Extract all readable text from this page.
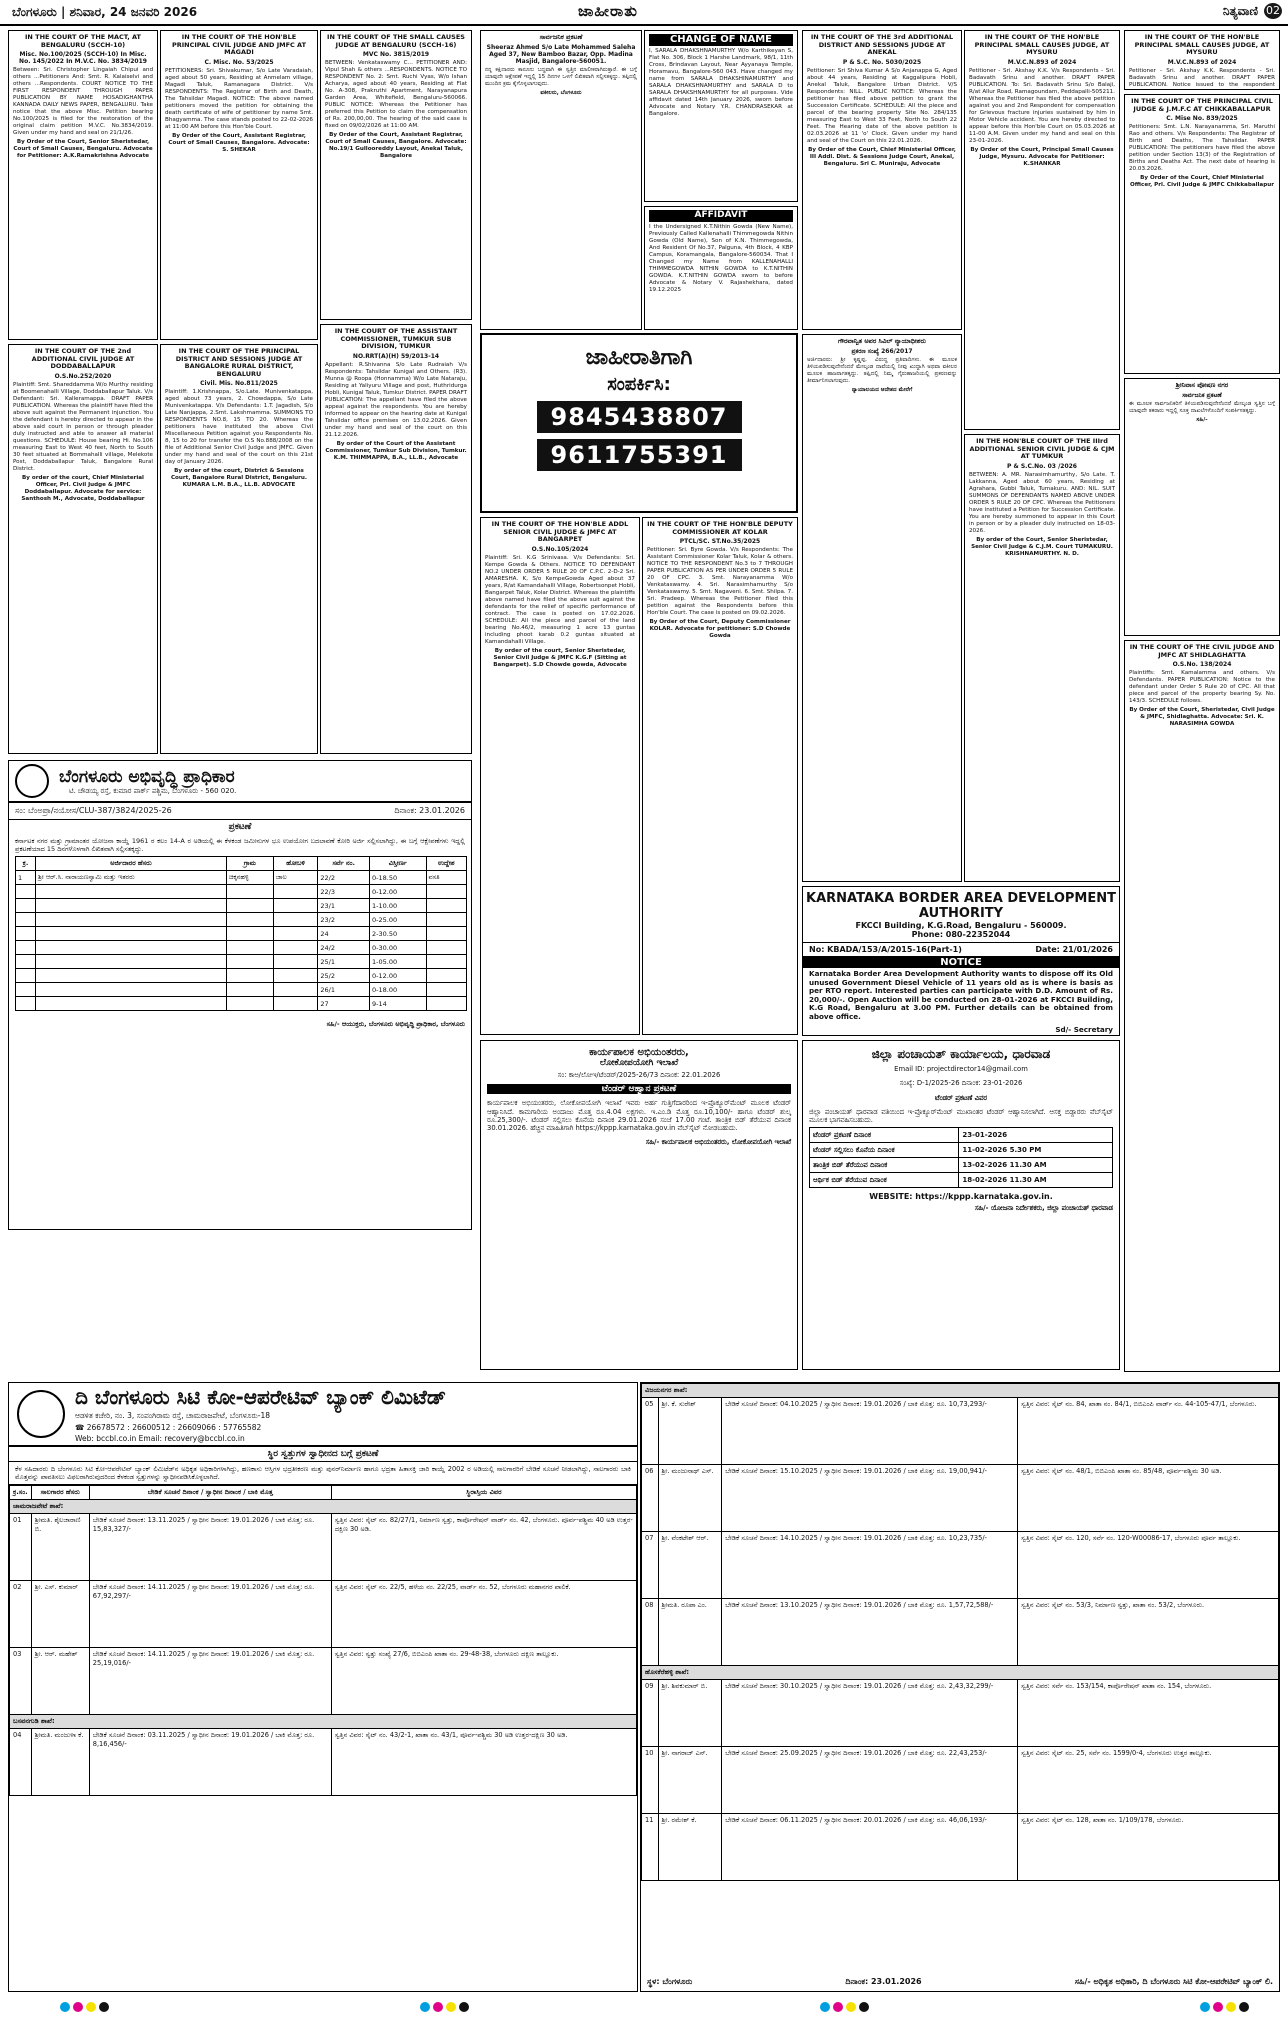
ಬೆಂಗಳೂರು | ಶನಿವಾರ, 24 ಜನವರಿ 2026	ಜಾಹೀರಾತು	ನಿತ್ಯವಾಣಿ 02
IN THE COURT OF THE MACT, AT BENGALURU (SCCH-10)
Misc. No.100/2025 (SCCH-10) In Misc. No. 145/2022 In M.V.C. No. 3834/2019

Between: Sri. Christopher Lingaiah Chipui and others ...Petitioners And: Smt. R. Kalaiselvi and others ...Respondents. COURT NOTICE TO THE FIRST RESPONDENT THROUGH PAPER PUBLICATION BY NAME HOSADIGHANTHA KANNADA DAILY NEWS PAPER, BENGALURU. Take notice that the above Misc. Petition bearing No.100/2025 is filed for the restoration of the original claim petition M.V.C. No.3834/2019. Given under my hand and seal on 21/1/26.

By Order of the Court, Senior Sheristedar, Court of Small Causes, Bengaluru. Advocate for Petitioner: A.K.Ramakrishna Advocate
IN THE COURT OF THE 2nd ADDITIONAL CIVIL JUDGE AT DODDABALLAPUR
O.S.No.252/2020

Plaintiff: Smt. Shareddamma W/o Murthy residing at Boomenahalli Village, Doddaballapur Taluk. V/s Defendant: Sri. Kalleramappa. DRAFT PAPER PUBLICATION. Whereas the plaintiff have filed the above suit against the Permanent injunction. You the defendant is hereby directed to appear in the above said court in person or through pleader duly instructed and able to answer all material questions. SCHEDULE: House bearing Hi. No.106 measuring East to West 40 feet, North to South 30 feet situated at Bommahalli village, Melekote Post, Doddaballapur Taluk, Bangalore Rural District.

By order of the court, Chief Ministerial Officer, Prl. Civil Judge & JMFC Doddaballapur. Advocate for service: Santhosh M., Advocate, Doddaballapur
IN THE COURT OF THE HON'BLE PRINCIPAL CIVIL JUDGE AND JMFC AT MAGADI
C. Misc. No. 53/2025

PETITIONERS: Sri. Shivakumar, S/o Late Varadaiah, aged about 50 years, Residing at Anmelam village, Magadi Taluk, Ramanagara District. V/s RESPONDENTS: The Registrar of Birth and Death, The Tahsildar Magadi. NOTICE: The above named petitioners moved the petition for obtaining the death certificate of wife of petitioner by name Smt. Bhagyamma. The case stands posted to 22-02-2026 at 11:00 AM before this Hon'ble Court.

By Order of the Court, Assistant Registrar, Court of Small Causes, Bangalore. Advocate: S. SHEKAR
IN THE COURT OF THE PRINCIPAL DISTRICT AND SESSIONS JUDGE AT BANGALORE RURAL DISTRICT, BENGALURU
Civil. Mis. No.811/2025

Plaintiff: 1.Krishnappa, S/o.Late. Munivenkatappa, aged about 73 years, 2. Chowdappa, S/o Late Munivenkatappa. V/s Defendants: 1.T. Jagadish, S/o Late Nanjappa, 2.Smt. Lakshmamma. SUMMONS TO RESPONDENTS NO.8, 15 TO 20. Whereas the petitioners have instituted the above Civil Miscellaneous Petition against you Respondents No. 8, 15 to 20 for transfer the O.S No.888/2008 on the file of Additional Senior Civil Judge and JMFC. Given under my hand and seal of the court on this 21st day of January 2026.

By order of the court, District & Sessions Court, Bangalore Rural District, Bengaluru. KUMARA L.M. B.A., LL.B. ADVOCATE
IN THE COURT OF THE SMALL CAUSES JUDGE AT BENGALURU (SCCH-16)
MVC No. 3815/2019

BETWEEN: Venkataswamy C... PETITIONER AND: Vipul Shah & others ...RESPONDENTS. NOTICE TO RESPONDENT No. 2: Smt. Ruchi Vyas, W/o Ishan Acharya, aged about 40 years, Residing at Flat No. A-308, Prakruthi Apartment, Narayanapura Garden Area, Whitefield, Bengaluru-560066. PUBLIC NOTICE: Whereas the Petitioner has preferred this Petition to claim the compensation of Rs. 200,00,00. The hearing of the said case is fixed on 09/02/2026 at 11:00 AM.

By Order of the Court, Assistant Registrar, Court of Small Causes, Bangalore. Advocate: No.19/1 Gullooreddy Layout, Anekal Taluk, Bangalore
IN THE COURT OF THE ASSISTANT COMMISSIONER, TUMKUR SUB DIVISION, TUMKUR
NO.RRT(A)(H) 59/2013-14

Appellant: R.Shivanna S/o Late Rudraiah V/s Respondents: Tahsildar Kunigal and Others. (R3). Munna @ Roopa (Honnamma) W/o Late Nataraju, Residing at Yaliyuru Village and post, Huthridurga Hobli, Kunigal Taluk, Tumkur District. PAPER DRAFT PUBLICATION: The appellant have filed the above appeal against the respondents. You are hereby informed to appear on the hearing date at Kunigal Tahsildar office premises on 13.02.2026. Given under my hand and seal of the court on this 21.12.2026.

By order of the Court of the Assistant Commissioner, Tumkur Sub Division, Tumkur. K.M. THIMMAPPA, B.A., LL.B., Advocate
ಸಾರ್ವಜನಿಕ ಪ್ರಕಟಣೆ
Sheeraz Ahmed S/o Late Mohammed Saleha Aged 37, New Bamboo Bazar, Opp. Madina Masjid, Bangalore-560051.

ನನ್ನ ಕಕ್ಷಿದಾರರು ಕಾನೂನು ಬದ್ಧವಾಗಿ ಈ ಸ್ವತ್ತಿನ ಮಾಲೀಕರಾಗಿರುತ್ತಾರೆ. ಈ ಬಗ್ಗೆ ಯಾವುದೇ ಆಕ್ಷೇಪಣೆ ಇದ್ದಲ್ಲಿ 15 ದಿನಗಳ ಒಳಗೆ ಲಿಖಿತವಾಗಿ ಸಲ್ಲಿಸತಕ್ಕದ್ದು. ತಪ್ಪಿದಲ್ಲಿ ಮುಂದಿನ ಕ್ರಮ ಕೈಗೊಳ್ಳಲಾಗುವುದು.

ವಕೀಲರು, ಬೆಂಗಳೂರು
IN THE COURT OF THE HON'BLE ADDL SENIOR CIVIL JUDGE & JMFC AT BANGARPET
O.S.No.105/2024

Plaintiff: Sri. K.G Srinivasa. V/s Defendants: Sri. Kempe Gowda & Others. NOTICE TO DEFENDANT NO.2 UNDER ORDER 5 RULE 20 OF C.P.C. 2-D-2 Sri. AMARESHA. K, S/o KempeGowda Aged about 37 years, R/at Kamandahalli Village, Robertsonpet Hobli, Bangarpet Taluk, Kolar District. Whereas the plaintiffs above named have filed the above suit against the defendants for the relief of specific performance of contract. The case is posted on 17.02.2026. SCHEDULE: All the piece and parcel of the land bearing No.46/2, measuring 1 acre 13 guntas including phoot karab 0.2 guntas situated at Kamandahalli Village.

By order of the court, Senior Sheristedar, Senior Civil Judge & JMFC K.G.F (Sitting at Bangarpet). S.D Chowde gowda, Advocate
CHANGE OF NAME

I, SARALA DHAKSHNAMURTHY W/o Karthikeyan S, Flat No. 306, Block 1 Harshe Landmark, 98/1, 11th Cross, Brindavan Layout, Near Ayyanaya Temple, Horamavu, Bangalore-560 043. Have changed my name from SARALA DHAKSHINAMURTHY and SARALA DHAKSHNAMURTHY and SARALA D to SARALA DHAKSHNAMURTHY for all purposes. Vide affidavit dated 14th January 2026, sworn before Advocate and Notary Y.R. CHANDRASEKAR at Bangalore.

AFFIDAVIT

I the Undersigned K.T.Nithin Gowda (New Name), Previously Called Kallenahalli Thimmegowda Nithin Gowda (Old Name), Son of K.N. Thimmegowda, And Resident Of No.37, Palguna, 4th Block, 4 KBP Campus, Koramangala, Bangalore-560034. That I Changed my Name from KALLENAHALLI THIMMEGOWDA NITHIN GOWDA to K.T.NITHIN GOWDA. K.T.NITHIN GOWDA sworn to before Advocate & Notary V. Rajashekhara, dated 19.12.2025

IN THE COURT OF THE HON'BLE DEPUTY COMMISSIONER AT KOLAR
PTCL/SC. ST.No.35/2025

Petitioner: Sri. Byre Gowda. V/s Respondents: The Assistant Commissioner Kolar Taluk, Kolar & others. NOTICE TO THE RESPONDENT No.3 to 7 THROUGH PAPER PUBLICATION AS PER UNDER ORDER 5 RULE 20 OF CPC. 3. Smt. Narayanamma W/o Venkataswamy. 4. Sri. Narasimhamurthy S/o Venkataswamy. 5. Smt. Nagaveni. 6. Smt. Shilpa. 7. Sri. Pradeep. Whereas the Petitioner filed this petition against the Respondents before this Hon'ble Court. The case is posted on 09.02.2026.

By Order of the Court, Deputy Commissioner KOLAR. Advocate for petitioner: S.D Chowde Gowda
ಜಾಹೀರಾತಿಗಾಗಿ
ಸಂಪರ್ಕಿಸಿ:
9845438807
9611755391
IN THE COURT OF THE 3rd ADDITIONAL DISTRICT AND SESSIONS JUDGE AT ANEKAL
P & S.C. No. 5030/2025

Petitioner: Sri Shiva Kumar A S/o Anjanappa G, Aged about 44 years, Residing at Kaggalipura Hobli, Anekal Taluk, Bangalore Urban District. V/S Respondents: NILL. PUBLIC NOTICE: Whereas the petitioner has filed above petition to grant the Succession Certificate. SCHEDULE: All the piece and parcel of the bearing property Site No. 284/135 measuring East to West 33 Feet, North to South 22 Feet. The Hearing date of the above petition is 02.03.2026 at 11 'o' Clock. Given under my hand and seal of the Court on this 22.01.2026.

By Order of the Court, Chief Ministerial Officer, III Addl. Dist. & Sessions Judge Court, Anekal, Bengaluru. Sri C. Muniraju, Advocate
ಗೌರವಾನ್ವಿತ ಅಪರ ಸಿವಿಲ್ ನ್ಯಾಯಾಧೀಶರು
ಪ್ರಕರಣ ಸಂಖ್ಯೆ 266/2017

ಅರ್ಜಿದಾರರು: ಶ್ರೀ ಕೃಷ್ಣಪ್ಪ. ವಿರುದ್ಧ ಪ್ರತಿವಾದಿಗಳು. ಈ ಮೂಲಕ ತಿಳಿಯಪಡಿಸುವುದೇನೆಂದರೆ ಮೇಲ್ಕಂಡ ದಾವೆಯಲ್ಲಿ ನೀವು ಖುದ್ದಾಗಿ ಅಥವಾ ವಕೀಲರ ಮೂಲಕ ಹಾಜರಾಗತಕ್ಕದ್ದು. ತಪ್ಪಿದಲ್ಲಿ ನಿಮ್ಮ ಗೈರುಹಾಜರಿಯಲ್ಲಿ ಪ್ರಕರಣವನ್ನು ತೀರ್ಮಾನಿಸಲಾಗುವುದು.

ನ್ಯಾಯಾಲಯದ ಆದೇಶದ ಮೇರೆಗೆ
IN THE COURT OF THE HON'BLE PRINCIPAL SMALL CAUSES JUDGE, AT MYSURU
M.V.C.N.893 of 2024

Petitioner - Sri. Akshay K.K. V/s Respondents - Sri. Badavath Srinu and another. DRAFT PAPER PUBLICATION. To: Sri. Badavath Srinu S/o Balaji, R/at Allur Road, Ramagoundam, Peddapalli-505211. Whereas the Petitioner has filed the above petition against you and 2nd Respondent for compensation for Grievous fracture injuries sustained by him in Motor Vehicle accident. You are hereby directed to appear before this Hon'ble Court on 05.03.2026 at 11-00 A.M. Given under my hand and seal on this 23-01-2026.

By Order of the Court, Principal Small Causes Judge, Mysuru. Advocate for Petitioner: K.SHANKAR
IN THE HON'BLE COURT OF THE IIIrd ADDITIONAL SENIOR CIVIL JUDGE & CJM AT TUMKUR
P & S.C.No. 03 /2026

BETWEEN: A. MR. Narasimhamurthy, S/o Late. T. Lakkanna, Aged about 60 years, Residing at Agrahara, Gubbi Taluk, Tumakuru. AND: NIL. SUIT SUMMONS OF DEFENDANTS NAMED ABOVE UNDER ORDER 5 RULE 20 OF CPC. Whereas the Petitioners have instituted a Petition for Succession Certificate. You are hereby summoned to appear in this Court in person or by a pleader duly instructed on 18-03-2026.

By order of the Court, Senior Sheristedar, Senior Civil Judge & C.J.M. Court TUMAKURU. KRISHNAMURTHY. N. D.
IN THE COURT OF THE HON'BLE PRINCIPAL SMALL CAUSES JUDGE, AT MYSURU
M.V.C.N.893 of 2024

Petitioner - Sri. Akshay K.K. Respondents - Sri. Badavath Srinu and another. DRAFT PAPER PUBLICATION. Notice issued to the respondent

IN THE COURT OF THE PRINCIPAL CIVIL JUDGE & J.M.F.C AT CHIKKABALLAPUR
C. Mise No. 839/2025

Petitioners: Smt. L.N. Narayanamma, Sri. Maruthi Rao and others. V/s Respondents: The Registrar of Birth and Deaths, The Tahsildar. PAPER PUBLICATION: The petitioners have filed the above petition under Section 13(3) of the Registration of Births and Deaths Act. The next date of hearing is 20.03.2026.

By Order of the Court, Chief Ministerial Officer, Prl. Civil Judge & JMFC Chikkaballapur
ಶ್ರೀನಿವಾಸ ಪೋಷಣ ನಗರ
ಸಾರ್ವಜನಿಕ ಪ್ರಕಟಣೆ

ಈ ಮೂಲಕ ಸಾರ್ವಜನಿಕರಿಗೆ ತಿಳಿಯಪಡಿಸುವುದೇನೆಂದರೆ ಮೇಲ್ಕಂಡ ಸ್ವತ್ತಿನ ಬಗ್ಗೆ ಯಾವುದೇ ತಕರಾರು ಇದ್ದಲ್ಲಿ ಸೂಕ್ತ ದಾಖಲೆಗಳೊಂದಿಗೆ ಸಂಪರ್ಕಿಸತಕ್ಕದ್ದು.

ಸಹಿ/-
IN THE COURT OF THE CIVIL JUDGE AND JMFC AT SHIDLAGHATTA
O.S.No. 138/2024

Plaintiffs: Smt. Kamalamma and others. V/s Defendants. PAPER PUBLICATION: Notice to the defendant under Order 5 Rule 20 of CPC. All that piece and parcel of the property bearing Sy. No. 143/3. SCHEDULE follows.

By Order of the Court, Sheristedar, Civil Judge & JMFC, Shidlaghatta. Advocate: Sri. K. NARASIMHA GOWDA
ಬೆಂಗಳೂರು ಅಭಿವೃದ್ಧಿ ಪ್ರಾಧಿಕಾರ
ಟಿ. ಚೌಡಯ್ಯ ರಸ್ತೆ, ಕುಮಾರ ಪಾರ್ಕ್ ಪಶ್ಚಿಮ, ಬೆಂಗಳೂರು - 560 020.
ಸಂ: ಬೆಂಅಪ್ರಾ/ನಯೋಸ/CLU-387/3824/2025-26	ದಿನಾಂಕ: 23.01.2026
ಪ್ರಕಟಣೆ
ಕರ್ನಾಟಕ ನಗರ ಮತ್ತು ಗ್ರಾಮಾಂತರ ಯೋಜನಾ ಕಾಯ್ದೆ 1961 ರ ಕಲಂ 14-A ರ ಅಡಿಯಲ್ಲಿ ಈ ಕೆಳಕಂಡ ಜಮೀನುಗಳ ಭೂ ಉಪಯೋಗ ಬದಲಾವಣೆ ಕೋರಿ ಅರ್ಜಿ ಸಲ್ಲಿಸಲಾಗಿದ್ದು, ಈ ಬಗ್ಗೆ ಆಕ್ಷೇಪಣೆಗಳು ಇದ್ದಲ್ಲಿ ಪ್ರಕಟಣೆಯಾದ 15 ದಿನಗಳೊಳಗಾಗಿ ಲಿಖಿತವಾಗಿ ಸಲ್ಲಿಸತಕ್ಕದ್ದು.
ಕ್ರ.	ಅರ್ಜಿದಾರರ ಹೆಸರು	ಗ್ರಾಮ	ಹೋಬಳಿ	ಸರ್ವೆ ನಂ.	ವಿಸ್ತೀರ್ಣ	ಉದ್ದೇಶ
1	ಶ್ರೀ ಆರ್.ಸಿ. ನಾರಾಯಣಸ್ವಾಮಿ ಮತ್ತು ಇತರರು	ಚಿಕ್ಕನಹಳ್ಳಿ	ಜಾಲ	22/2	0-18.50	ವಸತಿ
				22/3	0-12.00	
				23/1	1-10.00	
				23/2	0-25.00	
				24	2-30.50	
				24/2	0-30.00	
				25/1	1-05.00	
				25/2	0-12.00	
				26/1	0-18.00	
				27	9-14	
ಸಹಿ/- ಆಯುಕ್ತರು, ಬೆಂಗಳೂರು ಅಭಿವೃದ್ಧಿ ಪ್ರಾಧಿಕಾರ, ಬೆಂಗಳೂರು
KARNATAKA BORDER AREA DEVELOPMENT AUTHORITY
FKCCI Building, K.G.Road, Bengaluru - 560009.
Phone: 080-22352044
No: KBADA/153/A/2015-16(Part-1)	Date: 21/01/2026
NOTICE
Karnataka Border Area Development Authority wants to dispose off its Old unused Government Diesel Vehicle of 11 years old as is where is basis as per RTO report. Interested parties can participate with D.D. Amount of Rs. 20,000/-. Open Auction will be conducted on 28-01-2026 at FKCCI Building, K.G Road, Bengaluru at 3.00 PM. Further details can be obtained from above office.
Sd/- Secretary
ಕಾರ್ಯಪಾಲಕ ಅಭಿಯಂತರರು,
ಲೋಕೋಪಯೋಗಿ ಇಲಾಖೆ
ಸಂ: ಕಾಅ/ಲೋಇ/ಟೆಂಡರ್/2025-26/73 ದಿನಾಂಕ: 22.01.2026
ಟೆಂಡರ್ ಆಹ್ವಾನ ಪ್ರಕಟಣೆ
ಕಾರ್ಯಪಾಲಕ ಅಭಿಯಂತರರು, ಲೋಕೋಪಯೋಗಿ ಇಲಾಖೆ ಇವರು ಅರ್ಹ ಗುತ್ತಿಗೆದಾರರಿಂದ ಇ-ಪ್ರೊಕ್ಯೂರ್‌ಮೆಂಟ್ ಮೂಲಕ ಟೆಂಡರ್ ಆಹ್ವಾನಿಸಿದೆ. ಕಾಮಗಾರಿಯ ಅಂದಾಜು ಮೊತ್ತ ರೂ.4.04 ಲಕ್ಷಗಳು. ಇ.ಎಂ.ಡಿ ಮೊತ್ತ ರೂ.10,100/- ಹಾಗೂ ಟೆಂಡರ್ ಶುಲ್ಕ ರೂ.25,300/-. ಟೆಂಡರ್ ಸಲ್ಲಿಸಲು ಕೊನೆಯ ದಿನಾಂಕ 29.01.2026 ಸಂಜೆ 17.00 ಗಂಟೆ. ತಾಂತ್ರಿಕ ಬಿಡ್ ತೆರೆಯುವ ದಿನಾಂಕ 30.01.2026. ಹೆಚ್ಚಿನ ಮಾಹಿತಿಗಾಗಿ https://kppp.karnataka.gov.in ವೆಬ್‌ಸೈಟ್ ನೋಡಬಹುದು.
ಸಹಿ/- ಕಾರ್ಯಪಾಲಕ ಅಭಿಯಂತರರು, ಲೋಕೋಪಯೋಗಿ ಇಲಾಖೆ
ಜಿಲ್ಲಾ ಪಂಚಾಯತ್ ಕಾರ್ಯಾಲಯ, ಧಾರವಾಡ
Email ID: projectdirector14@gmail.com
ಸಂಖ್ಯೆ: D-1/2025-26 ದಿನಾಂಕ: 23-01-2026
ಟೆಂಡರ್ ಪ್ರಕಟಣೆ ವಿವರ
ಜಿಲ್ಲಾ ಪಂಚಾಯತ್ ಧಾರವಾಡ ವತಿಯಿಂದ ಇ-ಪ್ರೊಕ್ಯೂರ್‌ಮೆಂಟ್ ಮುಖಾಂತರ ಟೆಂಡರ್ ಆಹ್ವಾನಿಸಲಾಗಿದೆ. ಆಸಕ್ತ ಬಿಡ್ದಾರರು ವೆಬ್‌ಸೈಟ್ ಮೂಲಕ ಭಾಗವಹಿಸಬಹುದು.
ಟೆಂಡರ್ ಪ್ರಕಟಣೆ ದಿನಾಂಕ	23-01-2026
ಟೆಂಡರ್ ಸಲ್ಲಿಸಲು ಕೊನೆಯ ದಿನಾಂಕ	11-02-2026 5.30 PM
ತಾಂತ್ರಿಕ ಬಿಡ್ ತೆರೆಯುವ ದಿನಾಂಕ	13-02-2026 11.30 AM
ಆರ್ಥಿಕ ಬಿಡ್ ತೆರೆಯುವ ದಿನಾಂಕ	18-02-2026 11.30 AM
WEBSITE: https://kppp.karnataka.gov.in.
ಸಹಿ/- ಯೋಜನಾ ನಿರ್ದೇಶಕರು, ಜಿಲ್ಲಾ ಪಂಚಾಯತ್ ಧಾರವಾಡ
ದಿ ಬೆಂಗಳೂರು ಸಿಟಿ ಕೋ-ಆಪರೇಟಿವ್ ಬ್ಯಾಂಕ್ ಲಿಮಿಟೆಡ್
ಆಡಳಿತ ಕಚೇರಿ, ನಂ. 3, ಸಂಪಂಗಿರಾಮ ರಸ್ತೆ, ಚಾಮರಾಜಪೇಟೆ, ಬೆಂಗಳೂರು-18
☎ 26678572 : 26600512 : 26609066 : 57765582
Web: bccbl.co.in Email: recovery@bccbl.co.in
ಸ್ಥಿರ ಸ್ವತ್ತುಗಳ ಸ್ವಾಧೀನದ ಬಗ್ಗೆ ಪ್ರಕಟಣೆ
ಕೆಳ ಸಹಿದಾರರು ದಿ ಬೆಂಗಳೂರು ಸಿಟಿ ಕೋ-ಆಪರೇಟಿವ್ ಬ್ಯಾಂಕ್ ಲಿಮಿಟೆಡ್‌ನ ಅಧಿಕೃತ ಅಧಿಕಾರಿಗಳಾಗಿದ್ದು, ಹಣಕಾಸು ಆಸ್ತಿಗಳ ಭದ್ರತೀಕರಣ ಮತ್ತು ಪುನರ್‌ನಿರ್ಮಾಣ ಹಾಗೂ ಭದ್ರತಾ ಹಿತಾಸಕ್ತಿ ಜಾರಿ ಕಾಯ್ದೆ 2002 ರ ಅಡಿಯಲ್ಲಿ ಸಾಲಗಾರರಿಗೆ ಬೇಡಿಕೆ ಸೂಚನೆ ನೀಡಲಾಗಿದ್ದು, ಸಾಲಗಾರರು ಬಾಕಿ ಮೊತ್ತವನ್ನು ಪಾವತಿಸಲು ವಿಫಲರಾಗಿರುವುದರಿಂದ ಕೆಳಕಂಡ ಸ್ವತ್ತುಗಳನ್ನು ಸ್ವಾಧೀನಪಡಿಸಿಕೊಳ್ಳಲಾಗಿದೆ.
ಕ್ರ.ಸಂ.	ಸಾಲಗಾರರ ಹೆಸರು	ಬೇಡಿಕೆ ಸೂಚನೆ ದಿನಾಂಕ / ಸ್ವಾಧೀನ ದಿನಾಂಕ / ಬಾಕಿ ಮೊತ್ತ	ಸ್ಥಿರಾಸ್ತಿಯ ವಿವರ
ಚಾಮರಾಜಪೇಟೆ ಶಾಖೆ:			
01	ಶ್ರೀಮತಿ. ಶೈಲಜಾರಾಣಿ ಬಿ.	ಬೇಡಿಕೆ ಸೂಚನೆ ದಿನಾಂಕ: 13.11.2025 / ಸ್ವಾಧೀನ ದಿನಾಂಕ: 19.01.2026 / ಬಾಕಿ ಮೊತ್ತ: ರೂ. 15,83,327/-	ಸ್ವತ್ತಿನ ವಿವರ: ಸೈಟ್ ನಂ. 82/27/1, ನಿರ್ಮಾಣ ಸ್ವತ್ತು, ಕಾರ್ಪೊರೇಷನ್ ವಾರ್ಡ್ ನಂ. 42, ಬೆಂಗಳೂರು. ಪೂರ್ವ-ಪಶ್ಚಿಮ 40 ಅಡಿ ಉತ್ತರ-ದಕ್ಷಿಣ 30 ಅಡಿ.
02	ಶ್ರೀ. ಎಸ್. ಕುಮಾರ್	ಬೇಡಿಕೆ ಸೂಚನೆ ದಿನಾಂಕ: 14.11.2025 / ಸ್ವಾಧೀನ ದಿನಾಂಕ: 19.01.2026 / ಬಾಕಿ ಮೊತ್ತ: ರೂ. 67,92,297/-	ಸ್ವತ್ತಿನ ವಿವರ: ಸೈಟ್ ನಂ. 22/5, ಹಳೆಯ ನಂ. 22/25, ವಾರ್ಡ್ ನಂ. 52, ಬೆಂಗಳೂರು ಮಹಾನಗರ ಪಾಲಿಕೆ.
03	ಶ್ರೀ. ಆರ್. ಮಹೇಶ್	ಬೇಡಿಕೆ ಸೂಚನೆ ದಿನಾಂಕ: 14.11.2025 / ಸ್ವಾಧೀನ ದಿನಾಂಕ: 19.01.2026 / ಬಾಕಿ ಮೊತ್ತ: ರೂ. 25,19,016/-	ಸ್ವತ್ತಿನ ವಿವರ: ಸ್ವತ್ತು ಸಂಖ್ಯೆ 27/6, ಬಿಬಿಎಂಪಿ ಖಾತಾ ನಂ. 29-48-38, ಬೆಂಗಳೂರು ದಕ್ಷಿಣ ತಾಲ್ಲೂಕು.
ಬಸವನಗುಡಿ ಶಾಖೆ:			
04	ಶ್ರೀಮತಿ. ಮಂಜುಳಾ ಕೆ.	ಬೇಡಿಕೆ ಸೂಚನೆ ದಿನಾಂಕ: 03.11.2025 / ಸ್ವಾಧೀನ ದಿನಾಂಕ: 19.01.2026 / ಬಾಕಿ ಮೊತ್ತ: ರೂ. 8,16,456/-	ಸ್ವತ್ತಿನ ವಿವರ: ಸೈಟ್ ನಂ. 43/2-1, ಖಾತಾ ನಂ. 43/1, ಪೂರ್ವ-ಪಶ್ಚಿಮ 30 ಅಡಿ ಉತ್ತರ-ದಕ್ಷಿಣ 30 ಅಡಿ.
ವಿಜಯನಗರ ಶಾಖೆ:			
05	ಶ್ರೀ. ಕೆ. ಸುರೇಶ್	ಬೇಡಿಕೆ ಸೂಚನೆ ದಿನಾಂಕ: 04.10.2025 / ಸ್ವಾಧೀನ ದಿನಾಂಕ: 19.01.2026 / ಬಾಕಿ ಮೊತ್ತ: ರೂ. 10,73,293/-	ಸ್ವತ್ತಿನ ವಿವರ: ಸೈಟ್ ನಂ. 84, ಖಾತಾ ನಂ. 84/1, ಬಿಬಿಎಂಪಿ ವಾರ್ಡ್ ನಂ. 44-105-47/1, ಬೆಂಗಳೂರು.
06	ಶ್ರೀ. ಮಂಜುನಾಥ್ ಎಸ್.	ಬೇಡಿಕೆ ಸೂಚನೆ ದಿನಾಂಕ: 15.10.2025 / ಸ್ವಾಧೀನ ದಿನಾಂಕ: 19.01.2026 / ಬಾಕಿ ಮೊತ್ತ: ರೂ. 19,00,941/-	ಸ್ವತ್ತಿನ ವಿವರ: ಸೈಟ್ ನಂ. 48/1, ಬಿಬಿಎಂಪಿ ಖಾತಾ ನಂ. 85/48, ಪೂರ್ವ-ಪಶ್ಚಿಮ 30 ಅಡಿ.
07	ಶ್ರೀ. ವೆಂಕಟೇಶ್ ಆರ್.	ಬೇಡಿಕೆ ಸೂಚನೆ ದಿನಾಂಕ: 14.10.2025 / ಸ್ವಾಧೀನ ದಿನಾಂಕ: 19.01.2026 / ಬಾಕಿ ಮೊತ್ತ: ರೂ. 10,23,735/-	ಸ್ವತ್ತಿನ ವಿವರ: ಸೈಟ್ ನಂ. 120, ಸರ್ವೆ ನಂ. 120-W00086-17, ಬೆಂಗಳೂರು ಪೂರ್ವ ತಾಲ್ಲೂಕು.
08	ಶ್ರೀಮತಿ. ರೂಪಾ ಎಂ.	ಬೇಡಿಕೆ ಸೂಚನೆ ದಿನಾಂಕ: 13.10.2025 / ಸ್ವಾಧೀನ ದಿನಾಂಕ: 19.01.2026 / ಬಾಕಿ ಮೊತ್ತ: ರೂ. 1,57,72,588/-	ಸ್ವತ್ತಿನ ವಿವರ: ಸೈಟ್ ನಂ. 53/3, ನಿರ್ಮಾಣ ಸ್ವತ್ತು, ಖಾತಾ ನಂ. 53/2, ಬೆಂಗಳೂರು.
ಹೊಸಕೆರೆಹಳ್ಳಿ ಶಾಖೆ:			
09	ಶ್ರೀ. ಶಿವಕುಮಾರ್ ಬಿ.	ಬೇಡಿಕೆ ಸೂಚನೆ ದಿನಾಂಕ: 30.10.2025 / ಸ್ವಾಧೀನ ದಿನಾಂಕ: 19.01.2026 / ಬಾಕಿ ಮೊತ್ತ: ರೂ. 2,43,32,299/-	ಸ್ವತ್ತಿನ ವಿವರ: ಸರ್ವೆ ನಂ. 153/154, ಕಾರ್ಪೊರೇಷನ್ ಖಾತಾ ನಂ. 154, ಬೆಂಗಳೂರು.
10	ಶ್ರೀ. ನಾಗರಾಜ್ ಎನ್.	ಬೇಡಿಕೆ ಸೂಚನೆ ದಿನಾಂಕ: 25.09.2025 / ಸ್ವಾಧೀನ ದಿನಾಂಕ: 19.01.2026 / ಬಾಕಿ ಮೊತ್ತ: ರೂ. 22,43,253/-	ಸ್ವತ್ತಿನ ವಿವರ: ಸೈಟ್ ನಂ. 25, ಸರ್ವೆ ನಂ. 1599/0-4, ಬೆಂಗಳೂರು ಉತ್ತರ ತಾಲ್ಲೂಕು.
11	ಶ್ರೀ. ರಮೇಶ್ ಕೆ.	ಬೇಡಿಕೆ ಸೂಚನೆ ದಿನಾಂಕ: 06.11.2025 / ಸ್ವಾಧೀನ ದಿನಾಂಕ: 20.01.2026 / ಬಾಕಿ ಮೊತ್ತ: ರೂ. 46,06,193/-	ಸ್ವತ್ತಿನ ವಿವರ: ಸೈಟ್ ನಂ. 128, ಖಾತಾ ನಂ. 1/109/178, ಬೆಂಗಳೂರು.
ಸ್ಥಳ: ಬೆಂಗಳೂರು	ದಿನಾಂಕ: 23.01.2026	ಸಹಿ/- ಅಧಿಕೃತ ಅಧಿಕಾರಿ, ದಿ ಬೆಂಗಳೂರು ಸಿಟಿ ಕೋ-ಆಪರೇಟಿವ್ ಬ್ಯಾಂಕ್ ಲಿ.
